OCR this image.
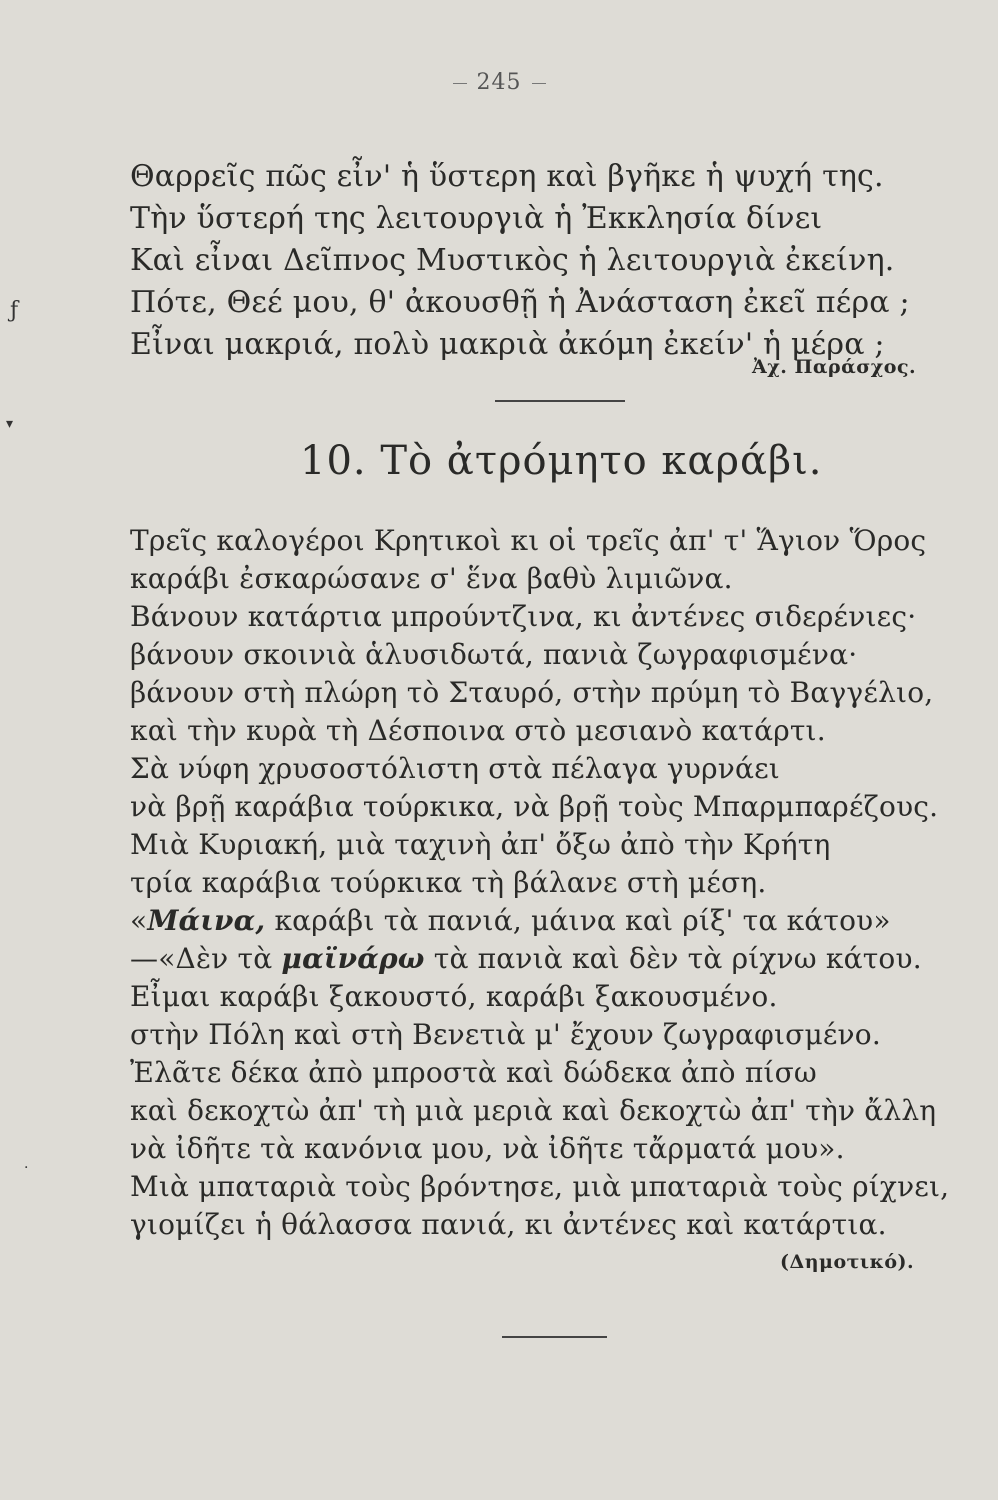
245
ƒ
▾
·
Θαρρεῖς πῶς εἶν' ἡ ὕστερη καὶ βγῆκε ἡ ψυχή της.
Τὴν ὕστερή της λειτουργιὰ ἡ Ἐκκλησία δίνει
Καὶ εἶναι Δεῖπνος Μυστικὸς ἡ λειτουργιὰ ἐκείνη.
Πότε, Θεέ μου, θ' ἀκουσθῇ ἡ Ἀνάσταση ἐκεῖ πέρα ;
Εἶναι μακριά, πολὺ μακριὰ ἀκόμη ἐκείν' ἡ μέρα ;
Ἀχ. Παράσχος.
10. Τὸ ἀτρόμητο καράβι.
Τρεῖς καλογέροι Κρητικοὶ κι οἱ τρεῖς ἀπ' τ' Ἅγιον Ὅρος
καράβι ἐσκαρώσανε σ' ἕνα βαθὺ λιμιῶνα.
Βάνουν κατάρτια μπρούντζινα, κι ἀντένες σιδερένιες·
βάνουν σκοινιὰ ἁλυσιδωτά, πανιὰ ζωγραφισμένα·
βάνουν στὴ πλώρη τὸ Σταυρό, στὴν πρύμη τὸ Βαγγέλιο,
καὶ τὴν κυρὰ τὴ Δέσποινα στὸ μεσιανὸ κατάρτι.
Σὰ νύφη χρυσοστόλιστη στὰ πέλαγα γυρνάει
νὰ βρῇ καράβια τούρκικα, νὰ βρῇ τοὺς Μπαρμπαρέζους.
Μιὰ Κυριακή, μιὰ ταχινὴ ἀπ' ὄξω ἀπὸ τὴν Κρήτη
τρία καράβια τούρκικα τὴ βάλανε στὴ μέση.
«Μάινα, καράβι τὰ πανιά, μάινα καὶ ρίξ' τα κάτου»
—«Δὲν τὰ μαϊνάρω τὰ πανιὰ καὶ δὲν τὰ ρίχνω κάτου.
Εἶμαι καράβι ξακουστό, καράβι ξακουσμένο.
στὴν Πόλη καὶ στὴ Βενετιὰ μ' ἔχουν ζωγραφισμένο.
Ἐλᾶτε δέκα ἀπὸ μπροστὰ καὶ δώδεκα ἀπὸ πίσω
καὶ δεκοχτὼ ἀπ' τὴ μιὰ μεριὰ καὶ δεκοχτὼ ἀπ' τὴν ἄλλη
νὰ ἰδῆτε τὰ κανόνια μου, νὰ ἰδῆτε τἄρματά μου».
Μιὰ μπαταριὰ τοὺς βρόντησε, μιὰ μπαταριὰ τοὺς ρίχνει,
γιομίζει ἡ θάλασσα πανιά, κι ἀντένες καὶ κατάρτια.
(Δημοτικό).
